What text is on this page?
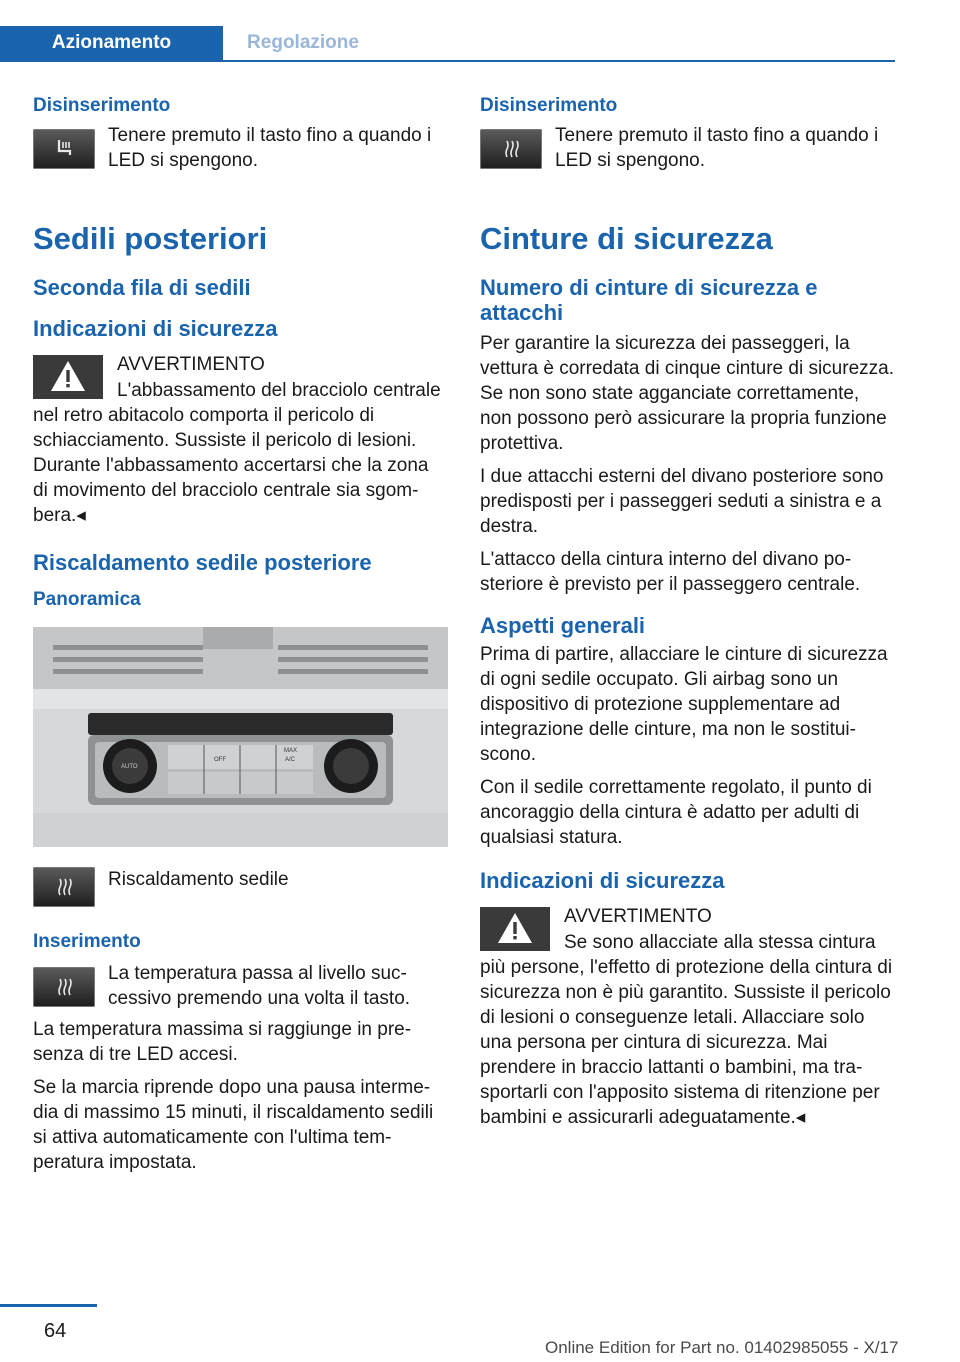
Azionamento	Regolazione
Disinserimento
Tenere premuto il tasto fino a quando i LED si spengono.
Sedili posteriori
Seconda fila di sedili
Indicazioni di sicurezza
AVVERTIMENTO

L'abbassamento del bracciolo centrale nel retro abitacolo comporta il pericolo di schiacciamento. Sussiste il pericolo di lesioni. Durante l'abbassamento accertarsi che la zona di movimento del bracciolo centrale sia sgombera.◂

Riscaldamento sedile posteriore
Panoramica
AUTO
OFF
MAX
A/C
Riscaldamento sedile
Inserimento
La temperatura passa al livello successivo premendo una volta il tasto.

La temperatura massima si raggiunge in presenza di tre LED accesi.

Se la marcia riprende dopo una pausa intermedia di massimo 15 minuti, il riscaldamento sedili si attiva automaticamente con l'ultima temperatura impostata.

Disinserimento
Tenere premuto il tasto fino a quando i LED si spengono.
Cinture di sicurezza
Numero di cinture di sicurezza e attacchi

Per garantire la sicurezza dei passeggeri, la vettura è corredata di cinque cinture di sicurezza. Se non sono state agganciate correttamente, non possono però assicurare la propria funzione protettiva.

I due attacchi esterni del divano posteriore sono predisposti per i passeggeri seduti a sinistra e a destra.

L'attacco della cintura interno del divano posteriore è previsto per il passeggero centrale.

Aspetti generali

Prima di partire, allacciare le cinture di sicurezza di ogni sedile occupato. Gli airbag sono un dispositivo di protezione supplementare ad integrazione delle cinture, ma non le sostituiscono.

Con il sedile correttamente regolato, il punto di ancoraggio della cintura è adatto per adulti di qualsiasi statura.

Indicazioni di sicurezza
AVVERTIMENTO

Se sono allacciate alla stessa cintura più persone, l'effetto di protezione della cintura di sicurezza non è più garantito. Sussiste il pericolo di lesioni o conseguenze letali. Allacciare solo una persona per cintura di sicurezza. Mai prendere in braccio lattanti o bambini, ma trasportarli con l'apposito sistema di ritenzione per bambini e assicurarli adeguatamente.◂

64
Online Edition for Part no. 01402985055 - X/17
